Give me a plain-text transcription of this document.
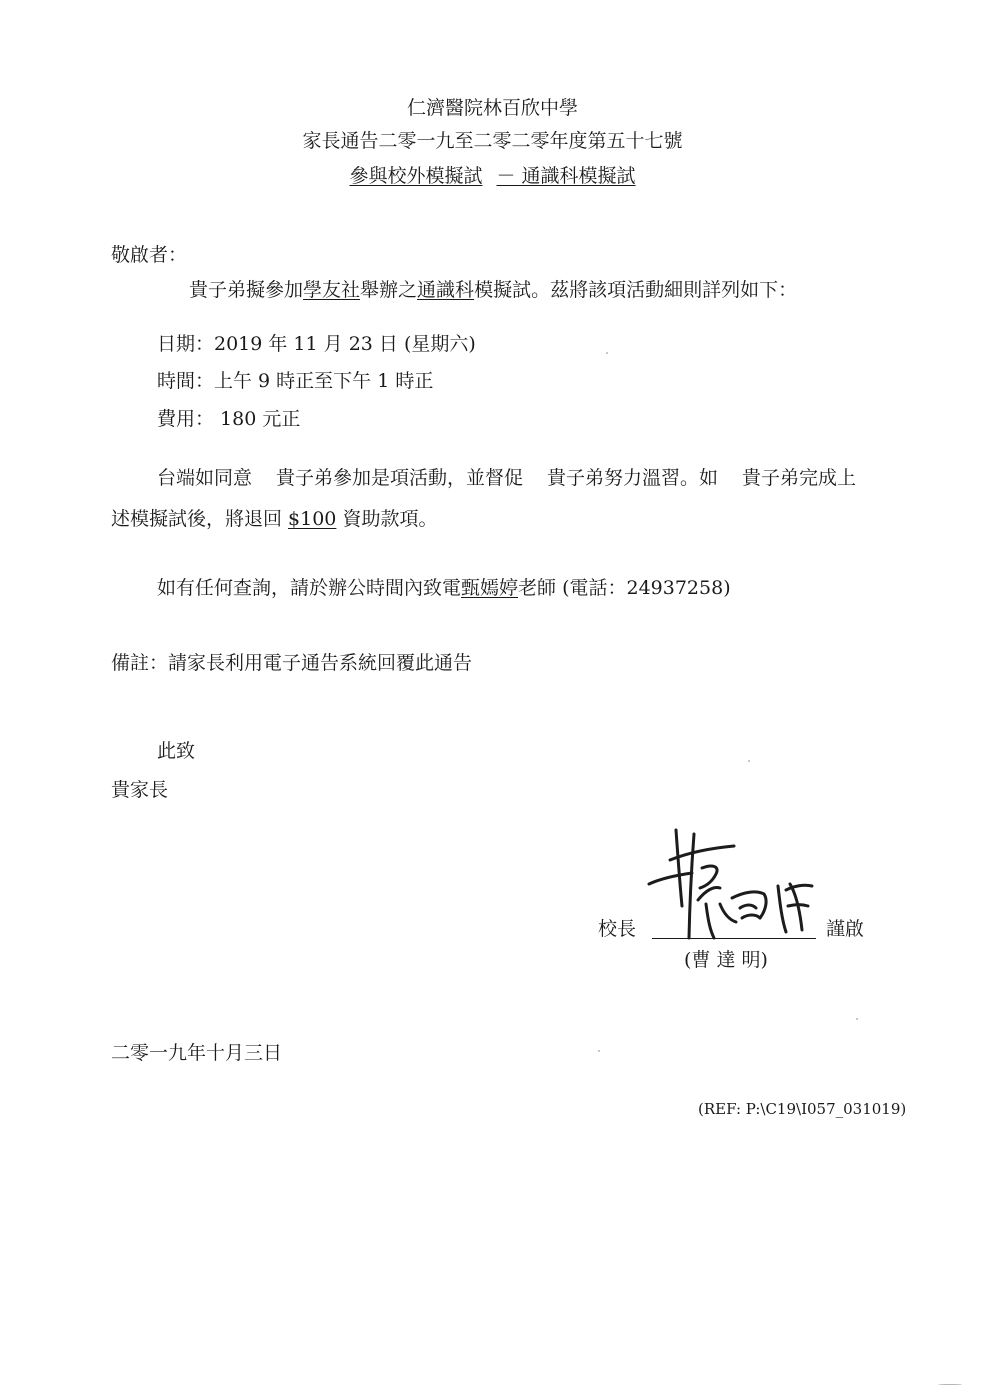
仁濟醫院林百欣中學
家長通告二零一九至二零二零年度第五十七號
參與校外模擬試 － 通識科模擬試
敬啟者：
貴子弟擬參加學友社舉辦之通識科模擬試。茲將該項活動細則詳列如下：
日期：2019 年 11 月 23 日 (星期六)
時間：上午 9 時正至下午 1 時正
費用： 180 元正
台端如同意 貴子弟參加是項活動，並督促 貴子弟努力溫習。如 貴子弟完成上
述模擬試後，將退回 $100 資助款項。
如有任何查詢，請於辦公時間內致電甄嫣婷老師 (電話：24937258)
備註：請家長利用電子通告系統回覆此通告
此致
貴家長
校長	謹啟
(曹 達 明)
二零一九年十月三日
(REF: P:\C19\I057_031019)
